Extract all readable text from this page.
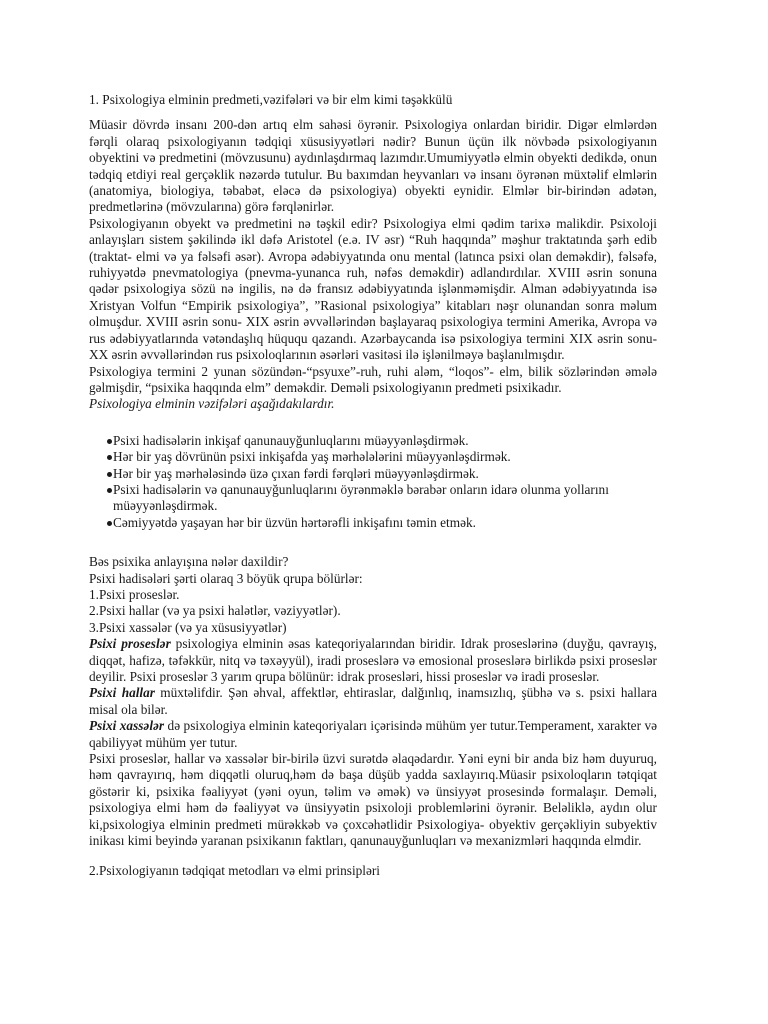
1. Psixologiya elminin predmeti,vəzifələri və bir elm kimi təşəkkülü

Müasir dövrdə insanı 200-dən artıq elm sahəsi öyrənir. Psixologiya onlardan biridir. Digər elmlərdən fərqli olaraq psixologiyanın tədqiqi xüsusiyyətləri nədir? Bunun üçün ilk növbədə psixologiyanın obyektini və predmetini (mövzusunu) aydınlaşdırmaq lazımdır.Umumiyyətlə elmin obyekti dedikdə, onun tədqiq etdiyi real gerçəklik nəzərdə tutulur. Bu baxımdan heyvanları və insanı öyrənən müxtəlif elmlərin (anatomiya, biologiya, təbabət, eləcə də psixologiya) obyekti eynidir. Elmlər bir-birindən adətən, predmetlərinə (mövzularına) görə fərqlənirlər.

Psixologiyanın obyekt və predmetini nə təşkil edir? Psixologiya elmi qədim tarixə malikdir. Psixoloji anlayışları sistem şəkilində ikl dəfə Aristotel (e.ə. IV əsr) “Ruh haqqında” məşhur traktatında şərh edib (traktat- elmi və ya fəlsəfi əsər). Avropa ədəbiyyatında onu mental (latınca psixi olan deməkdir), fəlsəfə, ruhiyyətdə pnevmatologiya (pnevma-yunanca ruh, nəfəs deməkdir) adlandırdılar. XVIII əsrin sonuna qədər psixologiya sözü nə ingilis, nə də fransız ədəbiyyatında işlənməmişdir. Alman ədəbiyyatında isə Xristyan Volfun “Empirik psixologiya”, ”Rasional psixologiya” kitabları nəşr olunandan sonra məlum olmuşdur. XVIII əsrin sonu- XIX əsrin əvvəllərindən başlayaraq psixologiya termini Amerika, Avropa və rus ədəbiyyatlarında vətəndaşlıq hüququ qazandı. Azərbaycanda isə psixologiya termini XIX əsrin sonu-XX əsrin əvvəllərindən rus psixoloqlarının əsərləri vasitəsi ilə işlənilməyə başlanılmışdır.

Psixologiya termini 2 yunan sözündən-“psyuxe”-ruh, ruhi aləm, “loqos”- elm, bilik sözlərindən əmələ gəlmişdir, “psixika haqqında elm” deməkdir. Deməli psixologiyanın predmeti psixikadır.

Psixologiya elminin vəzifələri aşağıdakılardır.

Psixi hadisələrin inkişaf qanunauyğunluqlarını müəyyənləşdirmək.
Hər bir yaş dövrünün psixi inkişafda yaş mərhələlərini müəyyənləşdirmək.
Hər bir yaş mərhələsində üzə çıxan fərdi fərqləri müəyyənləşdirmək.
Psixi hadisələrin və qanunauyğunluqlarını öyrənməklə bərabər onların idarə olunma yollarını müəyyənləşdirmək.
Cəmiyyətdə yaşayan hər bir üzvün hərtərəfli inkişafını təmin etmək.

Bəs psixika anlayışına nələr daxildir?

Psixi hadisələri şərti olaraq 3 böyük qrupa bölürlər:

1.Psixi proseslər.

2.Psixi hallar (və ya psixi halətlər, vəziyyətlər).

3.Psixi xassələr (və ya xüsusiyyətlər)

Psixi proseslər psixologiya elminin əsas kateqoriyalarından biridir. Idrak proseslərinə (duyğu, qavrayış, diqqət, hafizə, təfəkkür, nitq və təxəyyül), iradi proseslərə və emosional proseslərə birlikdə psixi proseslər deyilir. Psixi proseslər 3 yarım qrupa bölünür: idrak prosesləri, hissi proseslər və iradi proseslər.

Psixi hallar müxtəlifdir. Şən əhval, affektlər, ehtiraslar, dalğınlıq, inamsızlıq, şübhə və s. psixi hallara misal ola bilər.

Psixi xassələr də psixologiya elminin kateqoriyaları içərisində mühüm yer tutur.Temperament, xarakter və qabiliyyət mühüm yer tutur.

Psixi proseslər, hallar və xassələr bir-birilə üzvi surətdə əlaqədardır. Yəni eyni bir anda biz həm duyuruq, həm qavrayırıq, həm diqqətli oluruq,həm də başa düşüb yadda saxlayırıq.Müasir psixoloqların tətqiqat göstərir ki, psixika fəaliyyət (yəni oyun, təlim və əmək) və ünsiyyət prosesində formalaşır. Deməli, psixologiya elmi həm də fəaliyyət və ünsiyyətin psixoloji problemlərini öyrənir. Beləliklə, aydın olur ki,psixologiya elminin predmeti mürəkkəb və çoxcəhətlidir Psixologiya- obyektiv gerçəkliyin subyektiv inikası kimi beyində yaranan psixikanın faktları, qanunauyğunluqları və mexanizmləri haqqında elmdir.

2.Psixologiyanın tədqiqat metodları və elmi prinsipləri
